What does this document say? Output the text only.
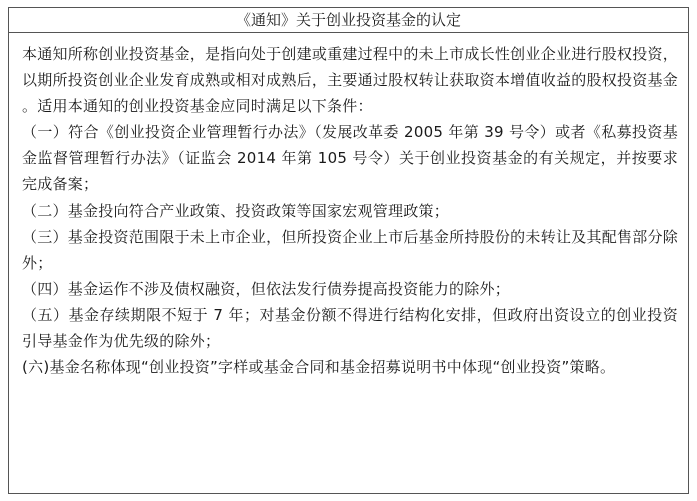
《通知》关于创业投资基金的认定

本通知所称创业投资基金，是指向处于创建或重建过程中的未上市成长性创业企业进行股权投资，以期所投资创业企业发育成熟或相对成熟后，主要通过股权转让获取资本增值收益的股权投资基金。适用本通知的创业投资基金应同时满足以下条件：

（一）符合《创业投资企业管理暂行办法》（发展改革委 2005 年第 39 号令）或者《私募投资基金监督管理暂行办法》（证监会 2014 年第 105 号令）关于创业投资基金的有关规定，并按要求完成备案；

（二）基金投向符合产业政策、投资政策等国家宏观管理政策；

（三）基金投资范围限于未上市企业，但所投资企业上市后基金所持股份的未转让及其配售部分除外；

（四）基金运作不涉及债权融资，但依法发行债券提高投资能力的除外；

（五）基金存续期限不短于 7 年；对基金份额不得进行结构化安排，但政府出资设立的创业投资引导基金作为优先级的除外；

(六)基金名称体现“创业投资”字样或基金合同和基金招募说明书中体现“创业投资”策略。
